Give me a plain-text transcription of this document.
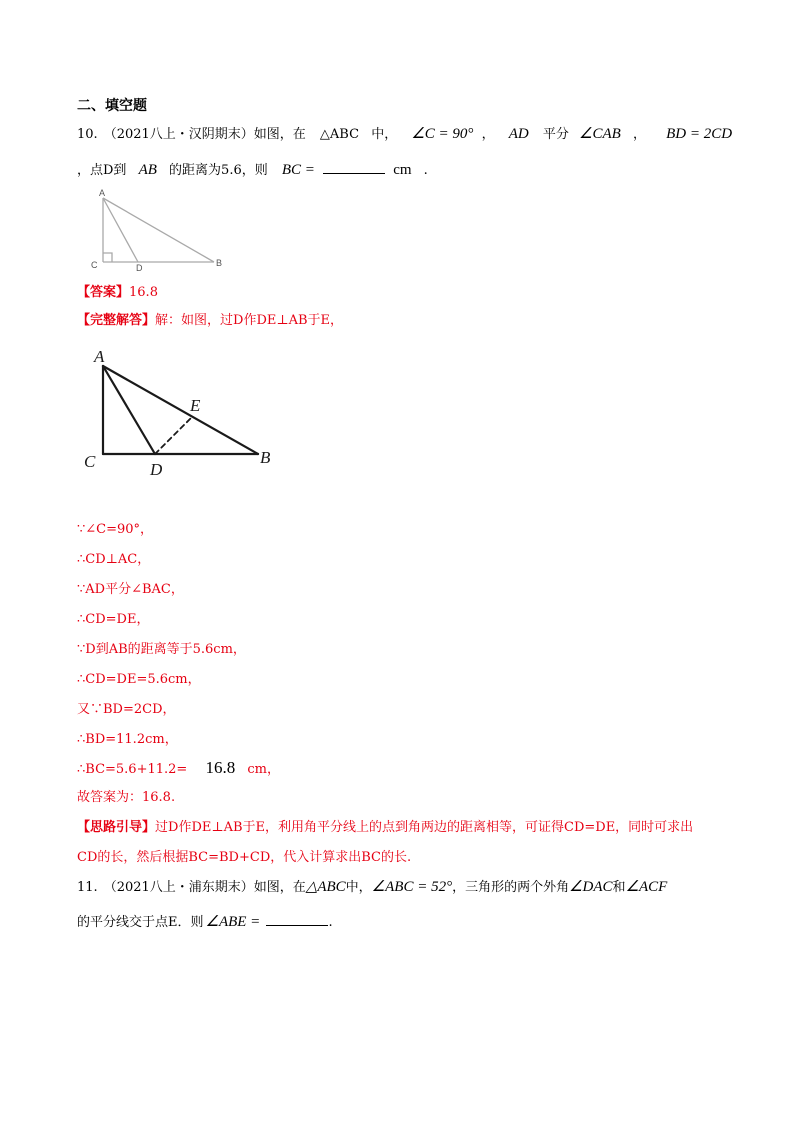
二、填空题
10. （2021八上・汉阴期末）如图，在 △ABC 中， ∠C = 90° ， AD 平分 ∠CAB ， BD = 2CD
，点D到 AB 的距离为5.6，则 BC =	cm .
A
C	D	B
【答案】16.8
【完整解答】解：如图，过D作DE⊥AB于E，
A
C	D
E
B
∵∠C=90°，
∴CD⊥AC，
∵AD平分∠BAC，
∴CD=DE，
∵D到AB的距离等于5.6cm，
∴CD=DE=5.6cm，
又∵BD=2CD，
∴BD=11.2cm，
∴BC=5.6+11.2= 16.8 cm，
故答案为：16.8.
【思路引导】过D作DE⊥AB于E，利用角平分线上的点到角两边的距离相等，可证得CD=DE，同时可求出
CD的长，然后根据BC=BD+CD，代入计算求出BC的长.
11. （2021八上・浦东期末）如图，在△ABC中，∠ABC = 52°，三角形的两个外角∠DAC和∠ACF
的平分线交于点E．则 ∠ABE =	.
